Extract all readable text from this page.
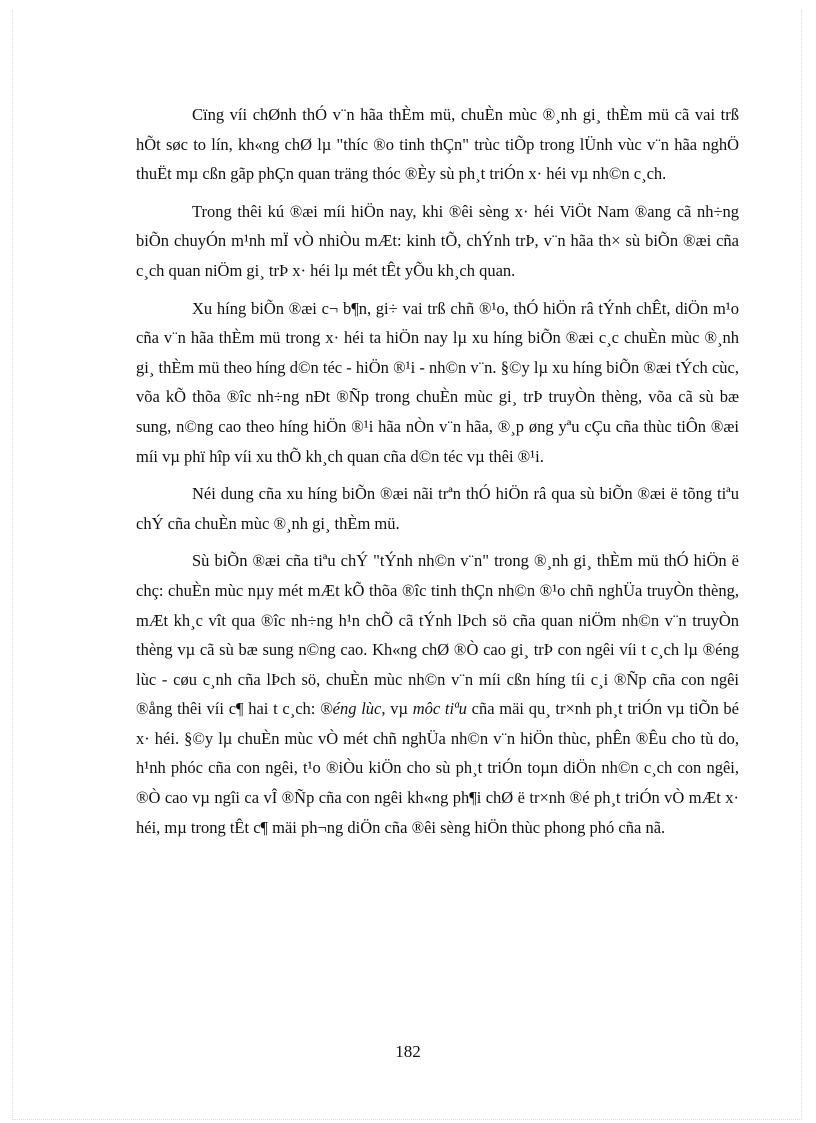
Cïng víi chØnh thÓ v¨n hãa thÈm mü, chuÈn mùc ®¸nh gi¸ thÈm mü cã vai trß hÕt søc to lín, kh«ng chØ lµ "thíc ®o tinh thÇn" trùc tiÕp trong lÜnh vùc v¨n hãa nghÖ thuËt mµ cßn gãp phÇn quan träng thóc ®Èy sù ph¸t triÓn x· héi vµ nh©n c¸ch.

Trong thêi kú ®æi míi hiÖn nay, khi ®êi sèng x· héi ViÖt Nam ®ang cã nh÷ng biÕn chuyÓn m¹nh mÏ vÒ nhiÒu mÆt: kinh tÕ, chÝnh trÞ, v¨n hãa th× sù biÕn ®æi cña c¸ch quan niÖm gi¸ trÞ x· héi lµ mét tÊt yÕu kh¸ch quan.

Xu híng biÕn ®æi c¬ b¶n, gi÷ vai trß chñ ®¹o, thÓ hiÖn râ tÝnh chÊt, diÖn m¹o cña v¨n hãa thÈm mü trong x· héi ta hiÖn nay lµ xu híng biÕn ®æi c¸c chuÈn mùc ®¸nh gi¸ thÈm mü theo híng d©n téc - hiÖn ®¹i - nh©n v¨n. §©y lµ xu híng biÕn ®æi tÝch cùc, võa kÕ thõa ®îc nh÷ng nÐt ®Ñp trong chuÈn mùc gi¸ trÞ truyÒn thèng, võa cã sù bæ sung, n©ng cao theo híng hiÖn ®¹i hãa nÒn v¨n hãa, ®¸p øng yªu cÇu cña thùc tiÔn ®æi míi vµ phï hîp víi xu thÕ kh¸ch quan cña d©n téc vµ thêi ®¹i.

Néi dung cña xu híng biÕn ®æi nãi trªn thÓ hiÖn râ qua sù biÕn ®æi ë tõng tiªu chÝ cña chuÈn mùc ®¸nh gi¸ thÈm mü.

Sù biÕn ®æi cña tiªu chÝ "tÝnh nh©n v¨n" trong ®¸nh gi¸ thÈm mü thÓ hiÖn ë chç: chuÈn mùc nµy mét mÆt kÕ thõa ®îc tinh thÇn nh©n ®¹o chñ nghÜa truyÒn thèng, mÆt kh¸c vît qua ®îc nh÷ng h¹n chÕ cã tÝnh lÞch sö cña quan niÖm nh©n v¨n truyÒn thèng vµ cã sù bæ sung n©ng cao. Kh«ng chØ ®Ò cao gi¸ trÞ con ngêi víi t c¸ch lµ ®éng lùc - cøu c¸nh cña lÞch sö, chuÈn mùc nh©n v¨n míi cßn híng tíi c¸i ®Ñp cña con ngêi ®ång thêi víi c¶ hai t c¸ch: ®éng lùc, vµ môc tiªu cña mäi qu¸ tr×nh ph¸t triÓn vµ tiÕn bé x· héi. §©y lµ chuÈn mùc vÒ mét chñ nghÜa nh©n v¨n hiÖn thùc, phÊn ®Êu cho tù do, h¹nh phóc cña con ngêi, t¹o ®iÒu kiÖn cho sù ph¸t triÓn toµn diÖn nh©n c¸ch con ngêi, ®Ò cao vµ ngîi ca vÎ ®Ñp cña con ngêi kh«ng ph¶i chØ ë tr×nh ®é ph¸t triÓn vÒ mÆt x· héi, mµ trong tÊt c¶ mäi ph¬ng diÖn cña ®êi sèng hiÖn thùc phong phó cña nã.

182
